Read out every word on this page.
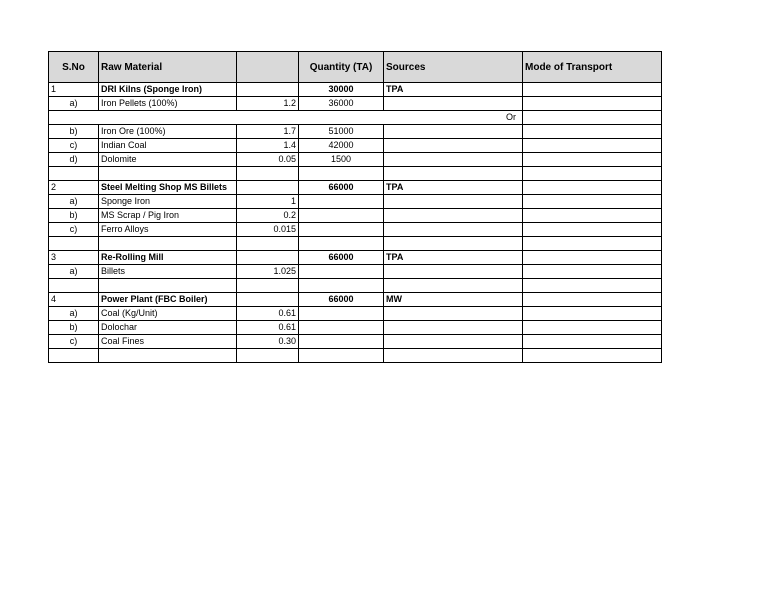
S.No	Raw Material		Quantity (TA)	Sources	Mode of Transport
1	DRI Kilns (Sponge Iron)		30000	TPA	
a)	Iron Pellets (100%)	1.2	36000		
	Or				
b)	Iron Ore (100%)	1.7	51000		
c)	Indian Coal	1.4	42000		
d)	Dolomite	0.05	1500		

2	Steel Melting Shop MS Billets		66000	TPA	
a)	Sponge Iron	1			
b)	MS Scrap / Pig Iron	0.2			
c)	Ferro Alloys	0.015			

3	Re-Rolling Mill		66000	TPA	
a)	Billets	1.025			

4	Power Plant (FBC Boiler)		66000	MW	
a)	Coal (Kg/Unit)	0.61			
b)	Dolochar	0.61			
c)	Coal Fines	0.30			
